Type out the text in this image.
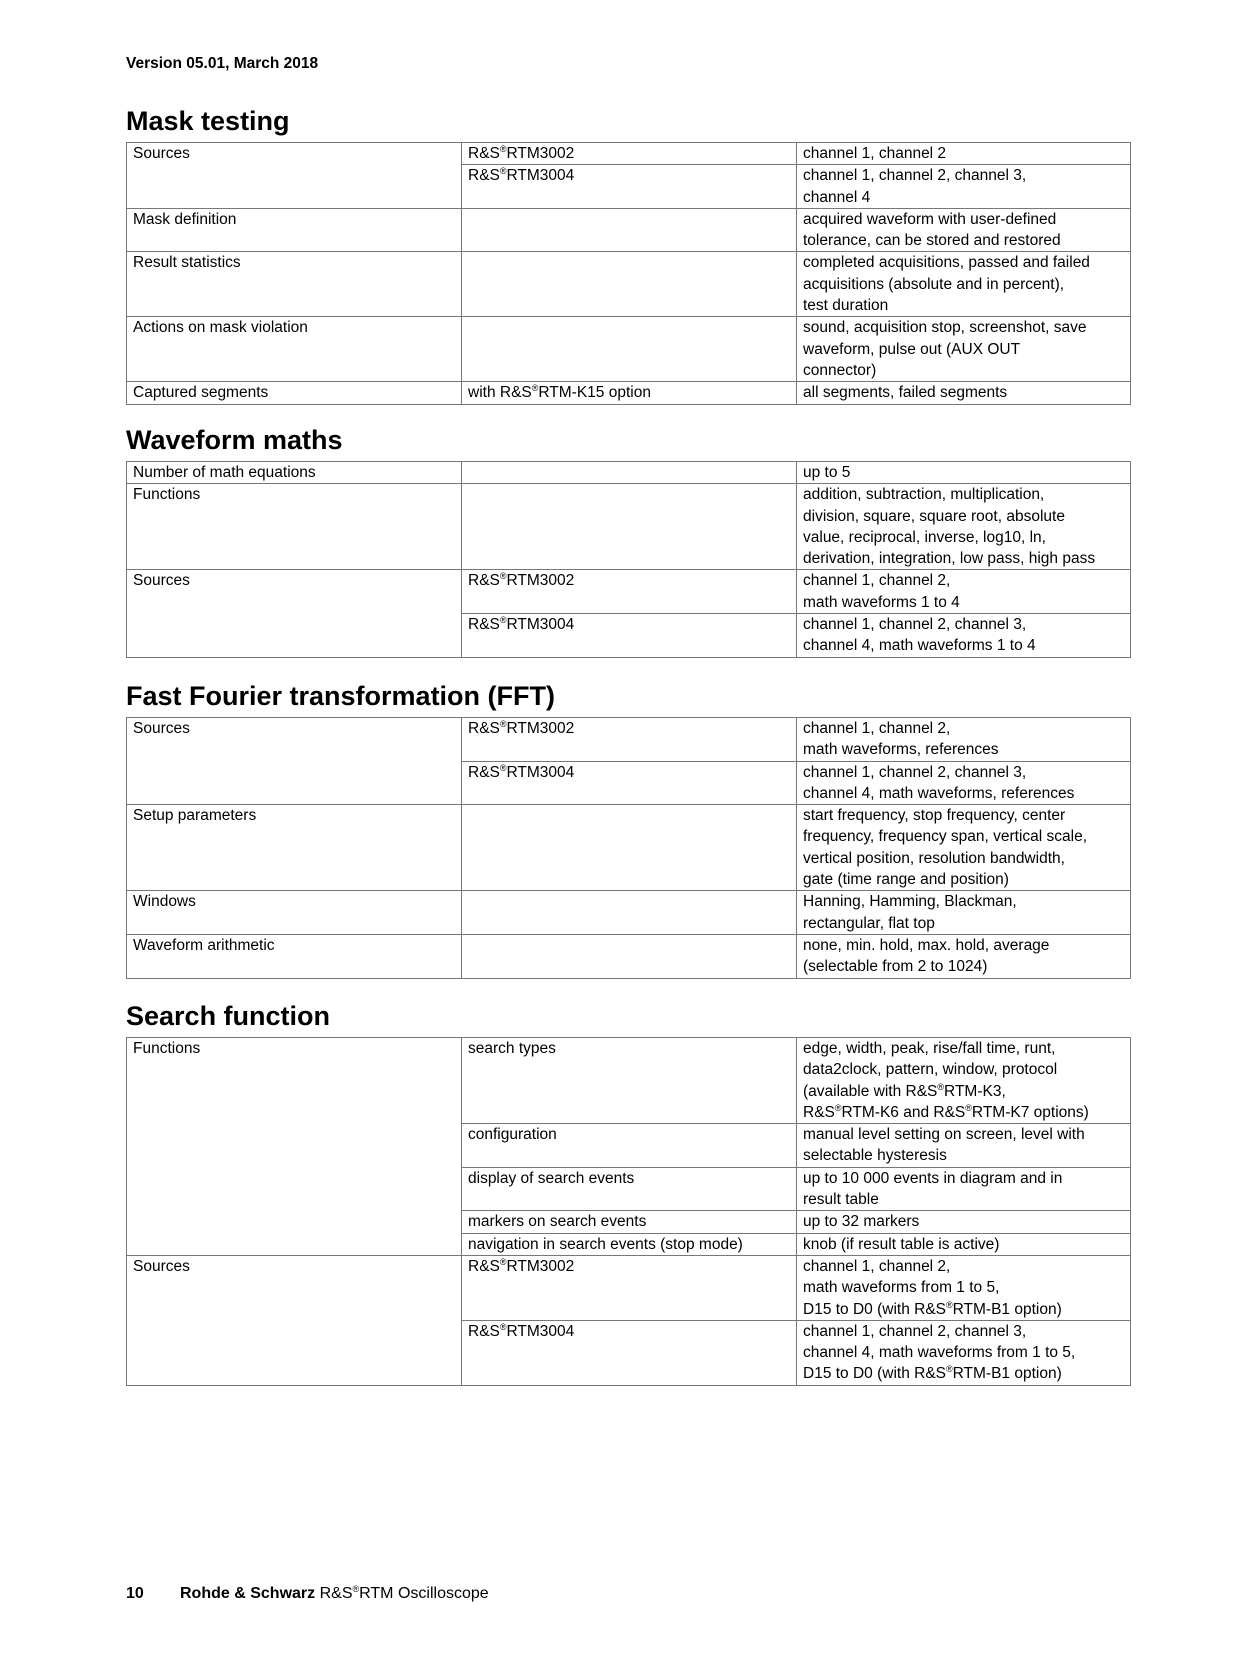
Version 05.01, March 2018
Mask testing
Sources	R&S®RTM3002	channel 1, channel 2
	R&S®RTM3004	channel 1, channel 2, channel 3,
channel 4
Mask definition		acquired waveform with user-defined
tolerance, can be stored and restored
Result statistics		completed acquisitions, passed and failed
acquisitions (absolute and in percent),
test duration
Actions on mask violation		sound, acquisition stop, screenshot, save
waveform, pulse out (AUX OUT
connector)
Captured segments	with R&S®RTM-K15 option	all segments, failed segments
Waveform maths
Number of math equations		up to 5
Functions		addition, subtraction, multiplication,
division, square, square root, absolute
value, reciprocal, inverse, log10, ln,
derivation, integration, low pass, high pass
Sources	R&S®RTM3002	channel 1, channel 2,
math waveforms 1 to 4
	R&S®RTM3004	channel 1, channel 2, channel 3,
channel 4, math waveforms 1 to 4
Fast Fourier transformation (FFT)
Sources	R&S®RTM3002	channel 1, channel 2,
math waveforms, references
	R&S®RTM3004	channel 1, channel 2, channel 3,
channel 4, math waveforms, references
Setup parameters		start frequency, stop frequency, center
frequency, frequency span, vertical scale,
vertical position, resolution bandwidth,
gate (time range and position)
Windows		Hanning, Hamming, Blackman,
rectangular, flat top
Waveform arithmetic		none, min. hold, max. hold, average
(selectable from 2 to 1024)
Search function
Functions	search types	edge, width, peak, rise/fall time, runt,
data2clock, pattern, window, protocol
(available with R&S®RTM-K3,
R&S®RTM-K6 and R&S®RTM-K7 options)
	configuration	manual level setting on screen, level with
selectable hysteresis
	display of search events	up to 10 000 events in diagram and in
result table
	markers on search events	up to 32 markers
	navigation in search events (stop mode)	knob (if result table is active)
Sources	R&S®RTM3002	channel 1, channel 2,
math waveforms from 1 to 5,
D15 to D0 (with R&S®RTM-B1 option)
	R&S®RTM3004	channel 1, channel 2, channel 3,
channel 4, math waveforms from 1 to 5,
D15 to D0 (with R&S®RTM-B1 option)
10 Rohde & Schwarz R&S®RTM Oscilloscope
